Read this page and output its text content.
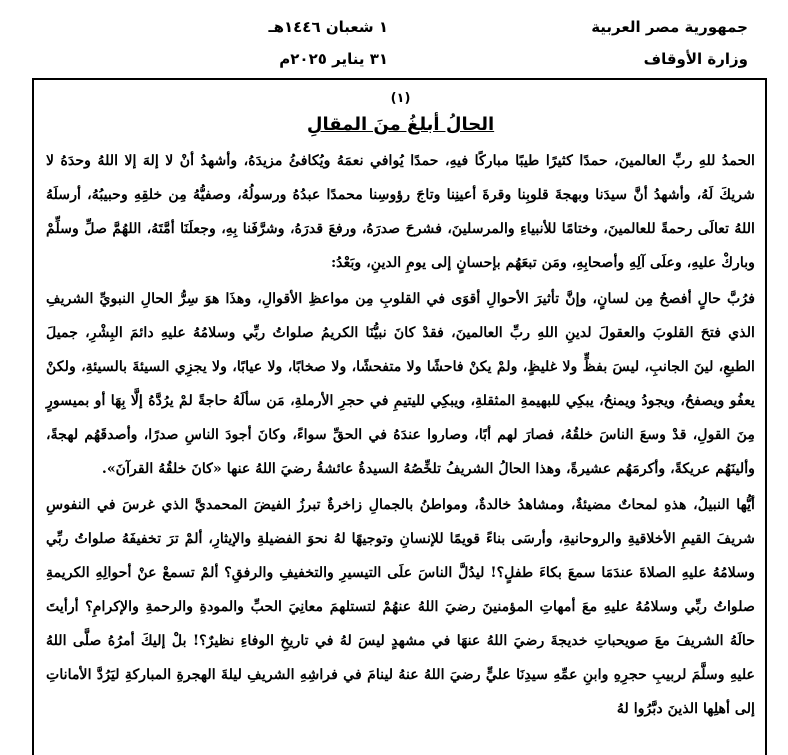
جمهورية مصر العربية
وزارة الأوقاف
١ شعبان ١٤٤٦هـ
٣١ يناير ٢٠٢٥م
(١)
الحالُ أبلغُ منَ المقالِ

الحمدُ للهِ ربِّ العالمينَ، حمدًا كثيرًا طيبًا مباركًا فيهِ، حمدًا يُوافي نعمَهُ ويُكافئُ مزيدَهُ، وأشهدُ أنْ لا إلهَ إلا اللهُ وحدَهُ لا شريكَ لَهُ، وأشهدُ أنَّ سيدَنا وبهجةَ قلوبِنا وقرةَ أعينِنا وتاجَ رؤوسِنا محمدًا عبدُهُ ورسولُهُ، وصفيُّهُ مِن خلقِهِ وحبيبُهُ، أرسلَهُ اللهُ تعالَى رحمةً للعالمينَ، وختامًا للأنبياءِ والمرسلينَ، فشرحَ صدرَهُ، ورفعَ قدرَهُ، وشرَّفَنا بِهِ، وجعلَنَا أمَّتَهُ، اللهُمَّ صلِّ وسلِّمْ وباركْ عليهِ، وعلَى آلِهِ وأصحابِهِ، ومَن تبعَهُم بإحسانٍ إلى يومِ الدينِ، وبَعْدُ:

فرُبَّ حالٍ أفصحُ مِن لسانٍ، وإنَّ تأثيرَ الأحوالِ أقوَى في القلوبِ مِن مواعظِ الأقوالِ، وهذَا هوَ سِرُّ الحالِ النبويِّ الشريفِ الذي فتحَ القلوبَ والعقولَ لدينِ اللهِ ربِّ العالمينَ، فقدْ كانَ نبيُّنَا الكريمُ صلواتُ ربِّي وسلامُهُ عليهِ دائمَ البِشْرِ، جميلَ الطبعِ، لينَ الجانبِ، ليسَ بفظٍّ ولا غليظٍ، ولمْ يكنْ فاحشًا ولا متفحشًا، ولا صخابًا، ولا عيابًا، ولا يجزِي السيئةَ بالسيئةِ، ولكنْ يعفُو ويصفحُ، ويجودُ ويمنحُ، يبكِي للبهيمةِ المثقلةِ، ويبكِي لليتيمِ في حجرِ الأرملةِ، مَن سألَهُ حاجةً لمْ يرُدَّهُ إلَّا بِهَا أو بميسورٍ مِنَ القولِ، قدْ وسعَ الناسَ خلقُهُ، فصارَ لهم أبًا، وصاروا عندَهُ في الحقِّ سواءً، وكانَ أجودَ الناسِ صدرًا، وأصدقَهُم لهجةً، وألينَهُم عريكةً، وأكرمَهُم عشيرةً، وهذا الحالُ الشريفُ تلخِّصُهُ السيدةُ عائشةُ رضيَ اللهُ عنها «كانَ خلقُهُ القرآنَ».

أيُّها النبيلُ، هذهِ لمحاتٌ مضيئةٌ، ومشاهدُ خالدةٌ، ومواطنُ بالجمالِ زاخرةٌ تبرزُ الفيضَ المحمديَّ الذي غرسَ في النفوسِ شريفَ القيمِ الأخلاقيةِ والروحانيةِ، وأرسَى بناءً قويمًا للإنسانِ وتوجيهًا لهُ نحوَ الفضيلةِ والإيثارِ، ألمْ ترَ تخفيفَهُ صلواتُ ربِّي وسلامُهُ عليهِ الصلاةَ عندَمَا سمعَ بكاءَ طفلٍ؟! ليدُلَّ الناسَ علَى التيسيرِ والتخفيفِ والرفقِ؟ ألمْ تسمعْ عنْ أحوالِهِ الكريمةِ صلواتُ ربِّي وسلامُهُ عليهِ معَ أمهاتِ المؤمنينَ رضيَ اللهُ عنهُمْ لتستلهمَ معانِيَ الحبِّ والمودةِ والرحمةِ والإكرامِ؟ أرأيتَ حالَهُ الشريفَ معَ صويحباتِ خديجةَ رضيَ اللهُ عنهَا في مشهدٍ ليسَ لهُ في تاريخِ الوفاءِ نظيرٌ؟! بلْ إليكَ أمرُهُ صلَّى اللهُ عليهِ وسلَّمَ لربيبِ حجرِهِ وابنِ عمِّهِ سيدِنَا عليٍّ رضيَ اللهُ عنهُ لينامَ في فراشِهِ الشريفِ ليلةَ الهجرةِ المباركةِ ليَرُدَّ الأماناتِ إلى أهلِها الذينَ دبَّرُوا لهُ
